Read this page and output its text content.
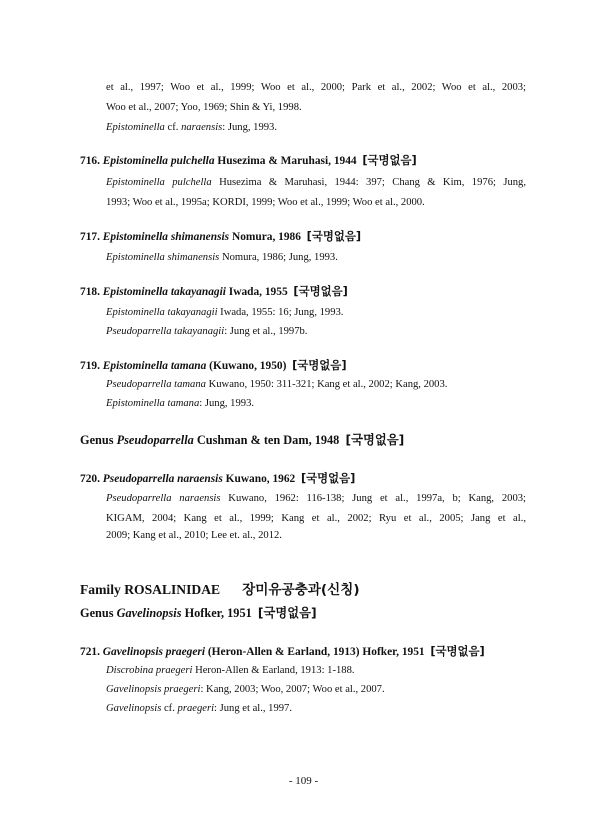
et al., 1997; Woo et al., 1999; Woo et al., 2000; Park et al., 2002; Woo et al., 2003;
Woo et al., 2007; Yoo, 1969; Shin & Yi, 1998.
Epistominella cf. naraensis: Jung, 1993.
716. Epistominella pulchella Husezima & Maruhasi, 1944 [국명없음]
Epistominella pulchella Husezima & Maruhasi, 1944: 397; Chang & Kim, 1976; Jung,
1993; Woo et al., 1995a; KORDI, 1999; Woo et al., 1999; Woo et al., 2000.
717. Epistominella shimanensis Nomura, 1986 [국명없음]
Epistominella shimanensis Nomura, 1986; Jung, 1993.
718. Epistominella takayanagii Iwada, 1955 [국명없음]
Epistominella takayanagii Iwada, 1955: 16; Jung, 1993.
Pseudoparrella takayanagii: Jung et al., 1997b.
719. Epistominella tamana (Kuwano, 1950) [국명없음]
Pseudoparrella tamana Kuwano, 1950: 311-321; Kang et al., 2002; Kang, 2003.
Epistominella tamana: Jung, 1993.
Genus Pseudoparrella Cushman & ten Dam, 1948 [국명없음]
720. Pseudoparrella naraensis Kuwano, 1962 [국명없음]
Pseudoparrella naraensis Kuwano, 1962: 116-138; Jung et al., 1997a, b; Kang, 2003;
KIGAM, 2004; Kang et al., 1999; Kang et al., 2002; Ryu et al., 2005; Jang et al.,
2009; Kang et al., 2010; Lee et. al., 2012.
Family ROSALINIDAE 장미유공충과(신칭)
Genus Gavelinopsis Hofker, 1951 [국명없음]
721. Gavelinopsis praegeri (Heron-Allen & Earland, 1913) Hofker, 1951 [국명없음]
Discrobina praegeri Heron-Allen & Earland, 1913: 1-188.
Gavelinopsis praegeri: Kang, 2003; Woo, 2007; Woo et al., 2007.
Gavelinopsis cf. praegeri: Jung et al., 1997.
- 109 -
